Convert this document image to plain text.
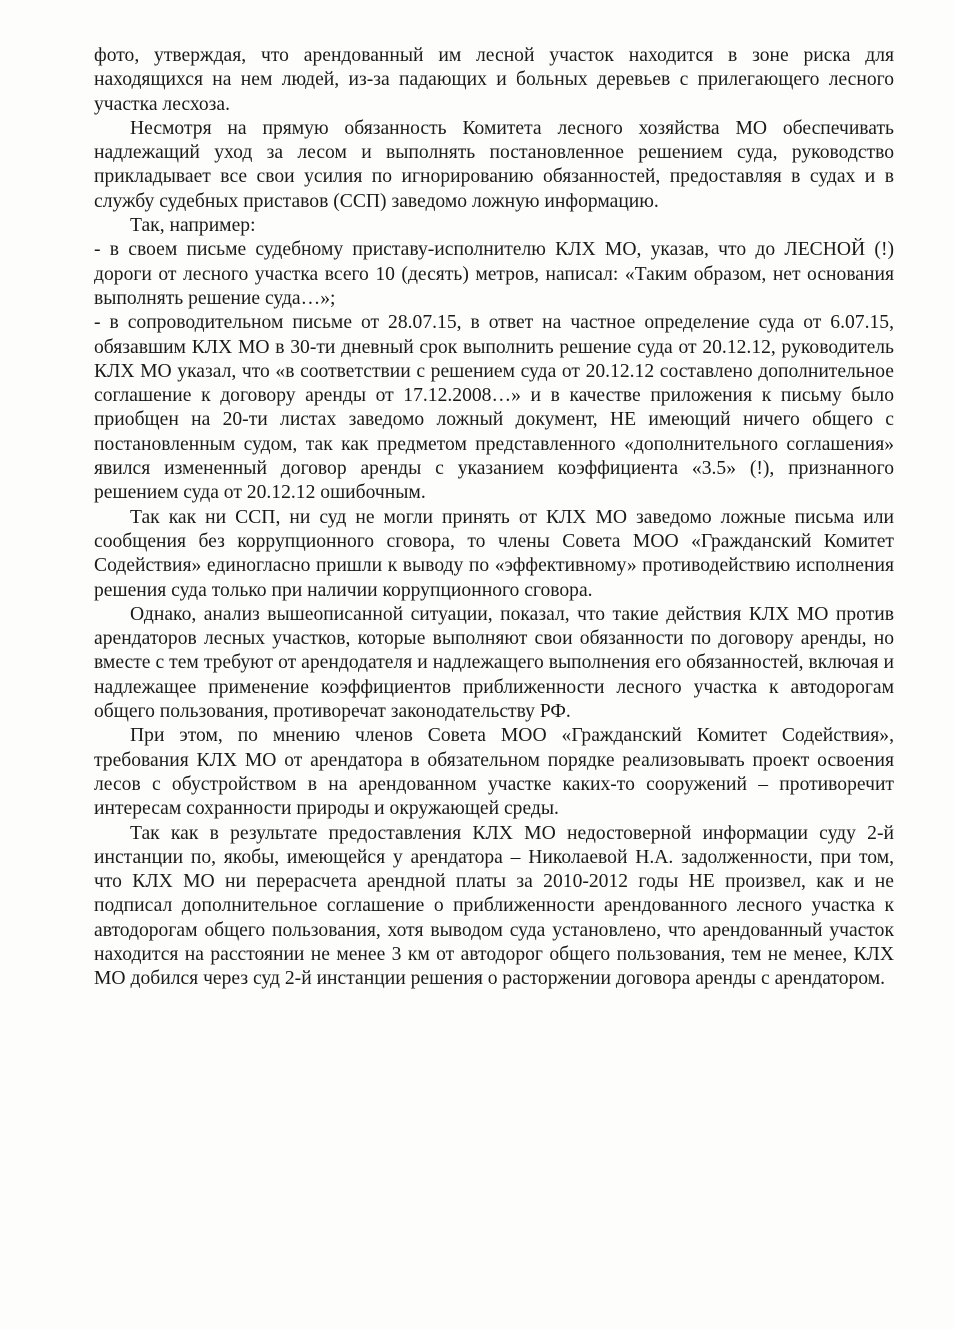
фото, утверждая, что арендованный им лесной участок находится в зоне риска для находящихся на нем людей, из-за падающих и больных деревьев с прилегающего лесного участка лесхоза.

Несмотря на прямую обязанность Комитета лесного хозяйства МО обеспечивать надлежащий уход за лесом и выполнять постановленное решением суда, руководство прикладывает все свои усилия по игнорированию обязанностей, предоставляя в судах и в службу судебных приставов (ССП) заведомо ложную информацию.

Так, например:

- в своем письме судебному приставу-исполнителю КЛХ МО, указав, что до ЛЕСНОЙ (!) дороги от лесного участка всего 10 (десять) метров, написал: «Таким образом, нет основания выполнять решение суда…»;

- в сопроводительном письме от 28.07.15, в ответ на частное определение суда от 6.07.15, обязавшим КЛХ МО в 30-ти дневный срок выполнить решение суда от 20.12.12, руководитель КЛХ МО указал, что «в соответствии с решением суда от 20.12.12 составлено дополнительное соглашение к договору аренды от 17.12.2008…» и в качестве приложения к письму было приобщен на 20-ти листах заведомо ложный документ, НЕ имеющий ничего общего с постановленным судом, так как предметом представленного «дополнительного соглашения» явился измененный договор аренды с указанием коэффициента «3.5» (!), признанного решением суда от 20.12.12 ошибочным.

Так как ни ССП, ни суд не могли принять от КЛХ МО заведомо ложные письма или сообщения без коррупционного сговора, то члены Совета МОО «Гражданский Комитет Содействия» единогласно пришли к выводу по «эффективному» противодействию исполнения решения суда только при наличии коррупционного сговора.

Однако, анализ вышеописанной ситуации, показал, что такие действия КЛХ МО против арендаторов лесных участков, которые выполняют свои обязанности по договору аренды, но вместе с тем требуют от арендодателя и надлежащего выполнения его обязанностей, включая и надлежащее применение коэффициентов приближенности лесного участка к автодорогам общего пользования, противоречат законодательству РФ.

При этом, по мнению членов Совета МОО «Гражданский Комитет Содействия», требования КЛХ МО от арендатора в обязательном порядке реализовывать проект освоения лесов с обустройством в на арендованном участке каких-то сооружений – противоречит интересам сохранности природы и окружающей среды.

Так как в результате предоставления КЛХ МО недостоверной информации суду 2-й инстанции по, якобы, имеющейся у арендатора – Николаевой Н.А. задолженности, при том, что КЛХ МО ни перерасчета арендной платы за 2010-2012 годы НЕ произвел, как и не подписал дополнительное соглашение о приближенности арендованного лесного участка к автодорогам общего пользования, хотя выводом суда установлено, что арендованный участок находится на расстоянии не менее 3 км от автодорог общего пользования, тем не менее, КЛХ МО добился через суд 2-й инстанции решения о расторжении договора аренды с арендатором.
